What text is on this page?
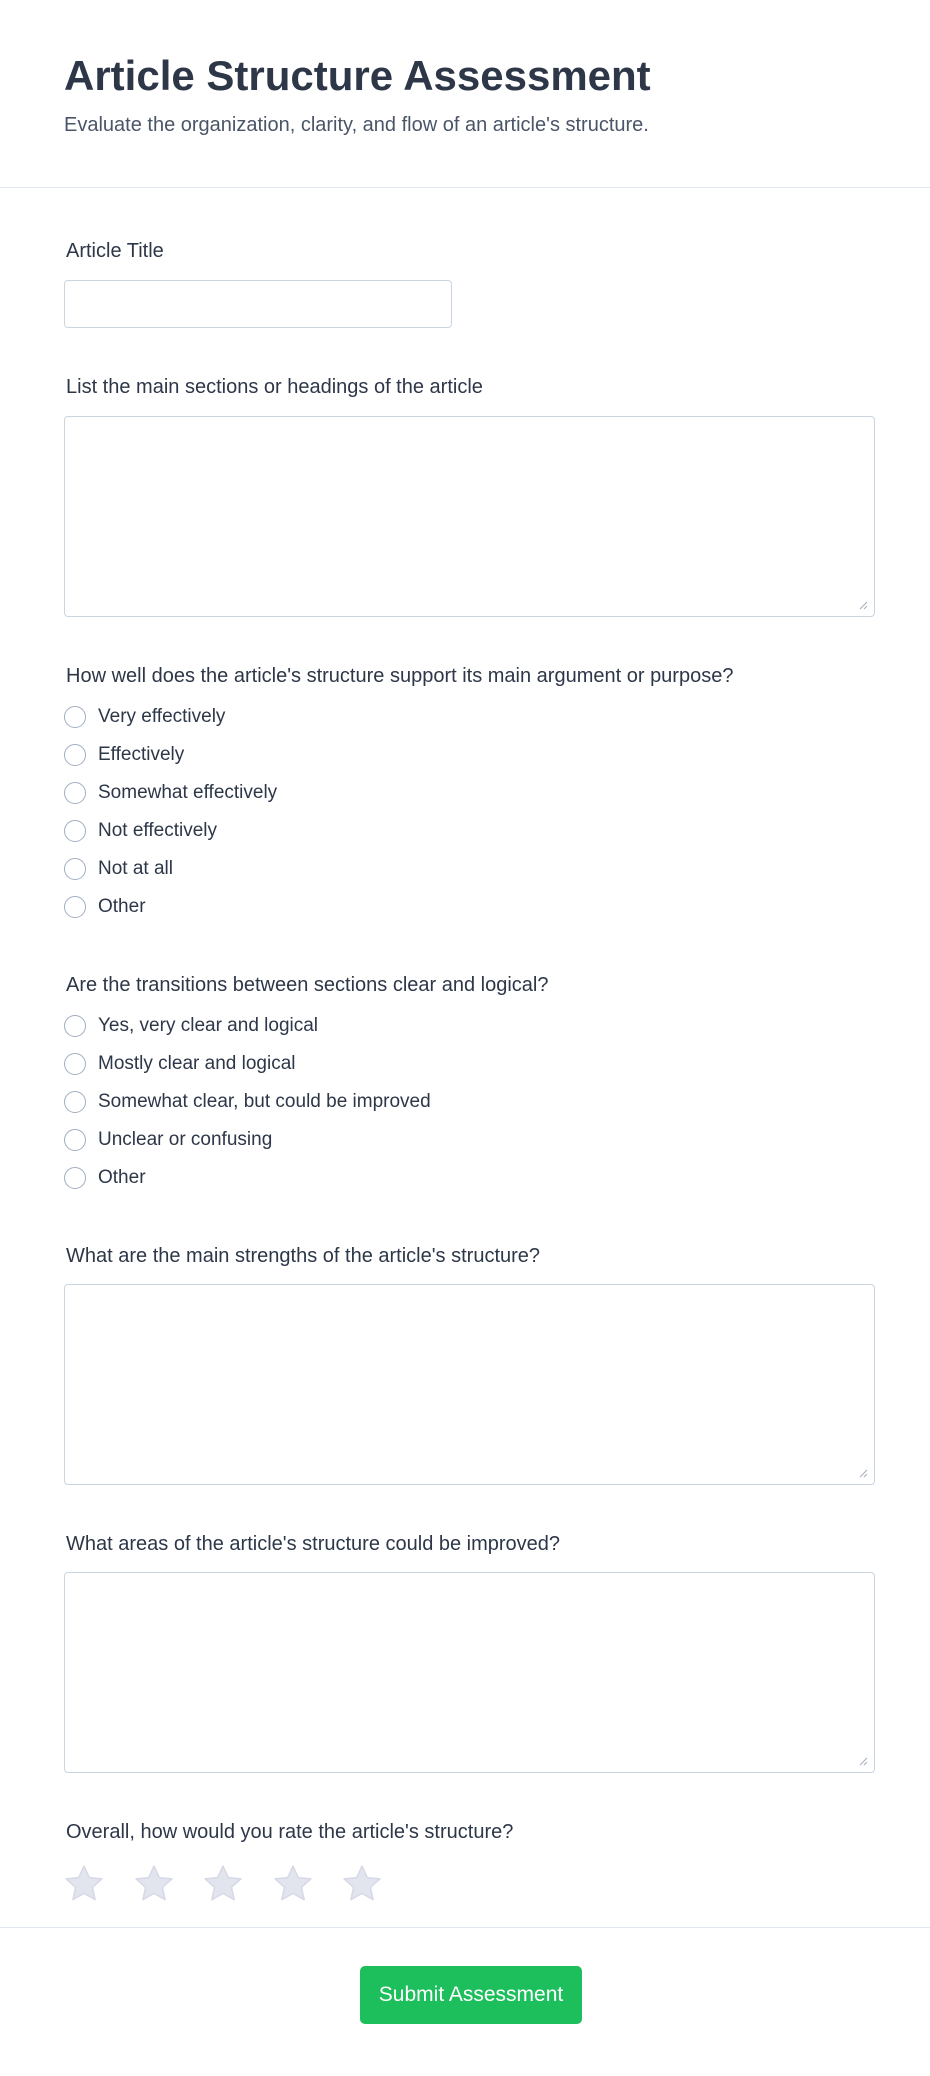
Article Structure Assessment

Evaluate the organization, clarity, and flow of an article's structure.

Article Title
List the main sections or headings of the article
How well does the article's structure support its main argument or purpose?
Very effectively
Effectively
Somewhat effectively
Not effectively
Not at all
Other
Are the transitions between sections clear and logical?
Yes, very clear and logical
Mostly clear and logical
Somewhat clear, but could be improved
Unclear or confusing
Other
What are the main strengths of the article's structure?
What areas of the article's structure could be improved?
Overall, how would you rate the article's structure?
Submit Assessment
